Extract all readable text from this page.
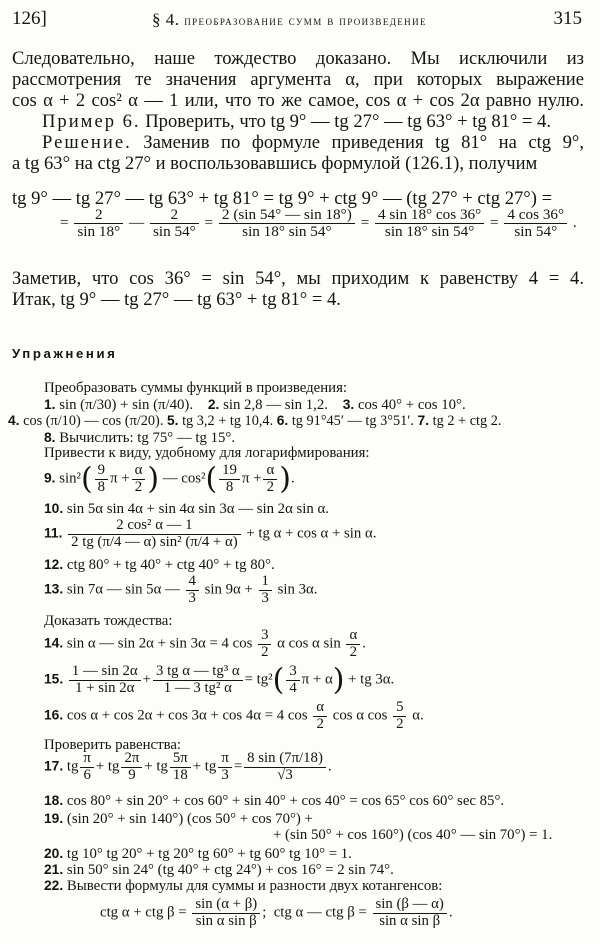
126]	§ 4. преобразование сумм в произведение	315

Следовательно, наше тождество доказано. Мы исключили из

рассмотрения те значения аргумента α, при которых выражение

cos α + 2 cos² α — 1 или, что то же самое, cos α + cos 2α равно нулю.

Пример 6. Проверить, что tg 9° — tg 27° — tg 63° + tg 81° = 4.

Решение. Заменив по формуле приведения tg 81° на ctg 9°,

а tg 63° на ctg 27° и воспользовавшись формулой (126.1), получим

tg 9° — tg 27° — tg 63° + tg 81° = tg 9° + ctg 9° — (tg 27° + ctg 27°) =
= $\frac{2}{\sin 18^\circ}$ — $\frac{2}{\sin 54^\circ} = \frac{2 (\sin 54^\circ — \sin 18^\circ)}{\sin 18^\circ \sin 54^\circ} = \frac{4 \sin 18^\circ \cos 36^\circ}{\sin 18^\circ \sin 54^\circ} = \frac{4 \cos 36^\circ}{\sin 54^\circ}$ .

Заметив, что cos 36° = sin 54°, мы приходим к равенству 4 = 4.

Итак, tg 9° — tg 27° — tg 63° + tg 81° = 4.

Упражнения
Преобразовать суммы функций в произведения:
1. sin (π/30) + sin (π/40). 2. sin 2,8 — sin 1,2. 3. cos 40° + cos 10°.
4. cos (π/10) — cos (π/20). 5. tg 3,2 + tg 10,4. 6. tg 91°45′ — tg 3°51′. 7. tg 2 + ctg 2.
8. Вычислить: tg 75° — tg 15°.
Привести к виду, удобному для логарифмирования:
9. $\sin^2( \frac{9}{8}$ $\pi + \frac{\alpha}{2}$ ) — $\cos^2( \frac{19}{8}$ $\pi + \frac{\alpha}{2}$ ).
10. sin 5α sin 4α + sin 4α sin 3α — sin 2α sin α.
11. $\frac{\text{2 cos² α — 1}}{\text{2 tg (π/4 — α) sin² (π/4 + α)}}$ + tg α + cos α + sin α.
12. ctg 80° + tg 40° + ctg 40° + tg 80°.
13. sin 7α — sin 5α — $\frac{4}{3}$ $\sin 9\alpha + \frac{1}{3}$ sin 3α.
Доказать тождества:
14. sin α — sin 2α + sin 3α = 4 $\cos \frac{3}{2}$ α cos α $\sin \frac{\alpha}{2}$ .
15. $\frac{1 — \sin 2\alpha}{1 + \sin 2\alpha} + \frac{\text{3 tg α — tg³ α}}{\text{1 — 3 tg² α}} = tg^2( \frac{3}{4}$ π + α) + tg 3α.
16. cos α + cos 2α + cos 3α + cos 4α = 4 $\cos \frac{\alpha}{2}$ cos α $\cos \frac{5}{2} \alpha$.
Проверить равенства:
17. tg $\frac{\pi}{6}$ + tg $\frac{2\pi}{9}$ + tg $\frac{5\pi}{18}$ + tg $\frac{\pi}{3} = \frac{8 \sin (7\pi/18)}{√3}$ .
18. cos 80° + sin 20° + cos 60° + sin 40° + cos 40° = cos 65° cos 60° sec 85°.
19. (sin 20° + sin 140°) (cos 50° + cos 70°) +
+ (sin 50° + cos 160°) (cos 40° — sin 70°) = 1.
20. tg 10° tg 20° + tg 20° tg 60° + tg 60° tg 10° = 1.
21. sin 50° sin 24° (tg 40° + ctg 24°) + cos 16° = 2 sin 74°.
22. Вывести формулы для суммы и разности двух котангенсов:
ctg α + ctg $\beta = \frac{\sin (\alpha + \beta)}{\text{sin α sin β}}$ ; ctg α — ctg $\beta = \frac{\sin (\beta — \alpha)}{\text{sin α sin β}}$ .
